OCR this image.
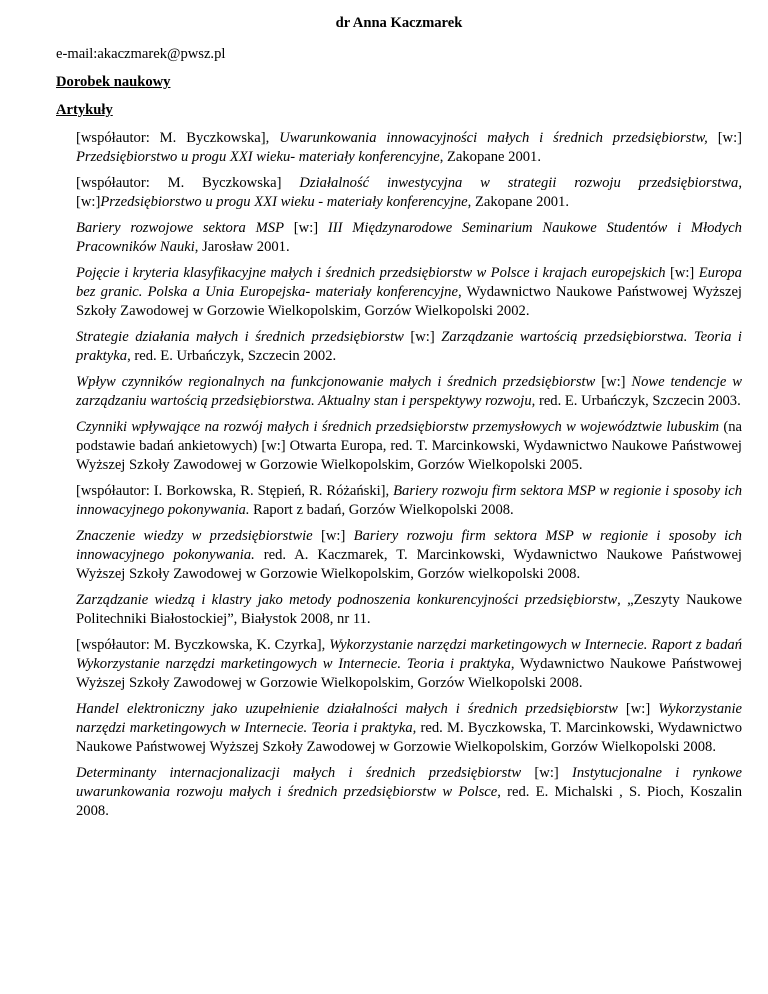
dr Anna Kaczmarek
e-mail:akaczmarek@pwsz.pl
Dorobek naukowy
Artykuły
[współautor: M. Byczkowska], Uwarunkowania innowacyjności małych i średnich przedsiębiorstw, [w:] Przedsiębiorstwo u progu XXI wieku- materiały konferencyjne, Zakopane 2001.
[współautor: M. Byczkowska] Działalność inwestycyjna w strategii rozwoju przedsiębiorstwa, [w:]Przedsiębiorstwo u progu XXI wieku - materiały konferencyjne, Zakopane 2001.
Bariery rozwojowe sektora MSP [w:] III Międzynarodowe Seminarium Naukowe Studentów i Młodych Pracowników Nauki, Jarosław 2001.
Pojęcie i kryteria klasyfikacyjne małych i średnich przedsiębiorstw w Polsce i krajach europejskich [w:] Europa bez granic. Polska a Unia Europejska- materiały konferencyjne, Wydawnictwo Naukowe Państwowej Wyższej Szkoły Zawodowej w Gorzowie Wielkopolskim, Gorzów Wielkopolski 2002.
Strategie działania małych i średnich przedsiębiorstw [w:] Zarządzanie wartością przedsiębiorstwa. Teoria i praktyka, red. E. Urbańczyk, Szczecin 2002.
Wpływ czynników regionalnych na funkcjonowanie małych i średnich przedsiębiorstw [w:] Nowe tendencje w zarządzaniu wartością przedsiębiorstwa. Aktualny stan i perspektywy rozwoju, red. E. Urbańczyk, Szczecin 2003.
Czynniki wpływające na rozwój małych i średnich przedsiębiorstw przemysłowych w województwie lubuskim (na podstawie badań ankietowych) [w:] Otwarta Europa, red. T. Marcinkowski, Wydawnictwo Naukowe Państwowej Wyższej Szkoły Zawodowej w Gorzowie Wielkopolskim, Gorzów Wielkopolski 2005.
[współautor: I. Borkowska, R. Stępień, R. Różański], Bariery rozwoju firm sektora MSP w regionie i sposoby ich innowacyjnego pokonywania. Raport z badań, Gorzów Wielkopolski 2008.
Znaczenie wiedzy w przedsiębiorstwie [w:] Bariery rozwoju firm sektora MSP w regionie i sposoby ich innowacyjnego pokonywania. red. A. Kaczmarek, T. Marcinkowski, Wydawnictwo Naukowe Państwowej Wyższej Szkoły Zawodowej w Gorzowie Wielkopolskim, Gorzów wielkopolski 2008.
Zarządzanie wiedzą i klastry jako metody podnoszenia konkurencyjności przedsiębiorstw, „Zeszyty Naukowe Politechniki Białostockiej”, Białystok 2008, nr 11.
[współautor: M. Byczkowska, K. Czyrka], Wykorzystanie narzędzi marketingowych w Internecie. Raport z badań Wykorzystanie narzędzi marketingowych w Internecie. Teoria i praktyka, Wydawnictwo Naukowe Państwowej Wyższej Szkoły Zawodowej w Gorzowie Wielkopolskim, Gorzów Wielkopolski 2008.
Handel elektroniczny jako uzupełnienie działalności małych i średnich przedsiębiorstw [w:] Wykorzystanie narzędzi marketingowych w Internecie. Teoria i praktyka, red. M. Byczkowska, T. Marcinkowski, Wydawnictwo Naukowe Państwowej Wyższej Szkoły Zawodowej w Gorzowie Wielkopolskim, Gorzów Wielkopolski 2008.
Determinanty internacjonalizacji małych i średnich przedsiębiorstw [w:] Instytucjonalne i rynkowe uwarunkowania rozwoju małych i średnich przedsiębiorstw w Polsce, red. E. Michalski , S. Pioch, Koszalin 2008.
